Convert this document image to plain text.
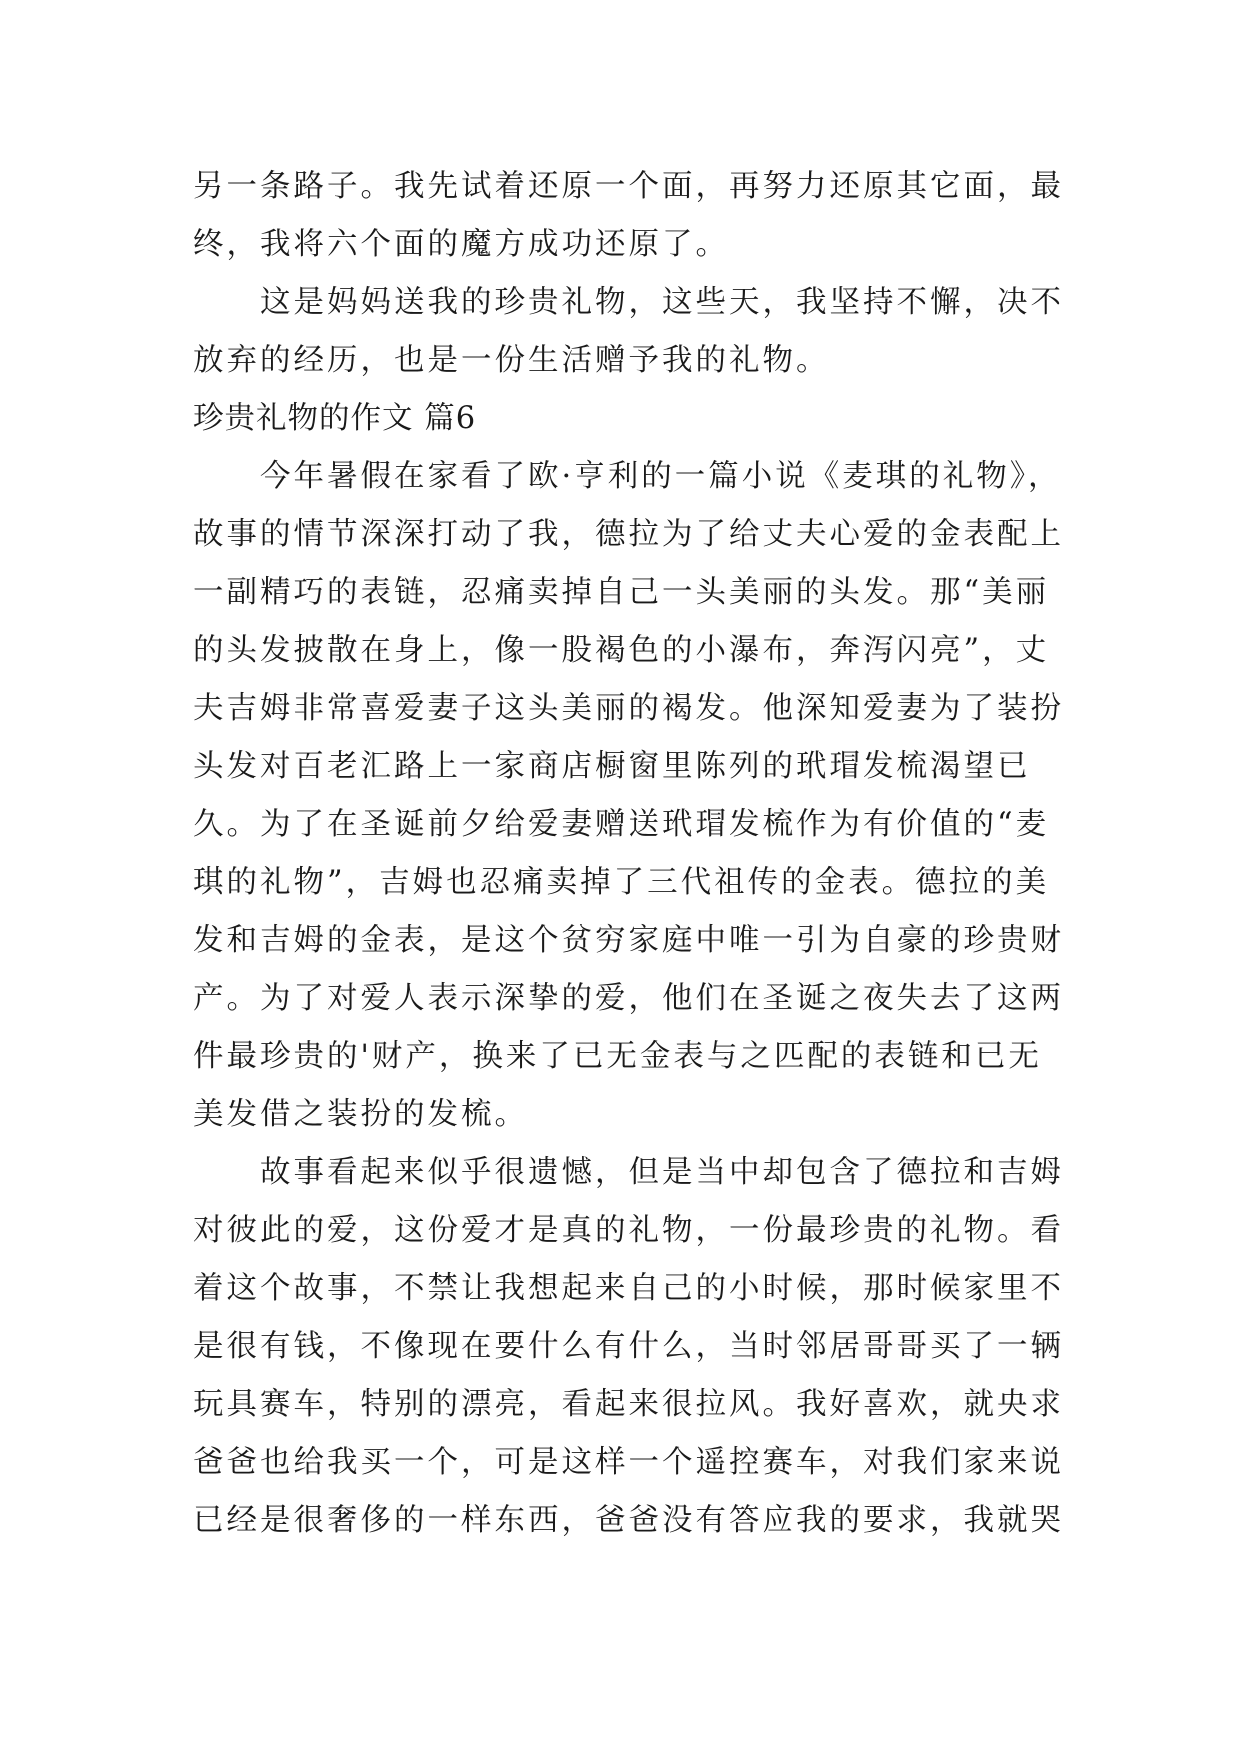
另一条路子。我先试着还原一个面，再努力还原其它面，最
终，我将六个面的魔方成功还原了。
　　这是妈妈送我的珍贵礼物，这些天，我坚持不懈，决不
放弃的经历，也是一份生活赠予我的礼物。
珍贵礼物的作文 篇6
　　今年暑假在家看了欧·亨利的一篇小说《麦琪的礼物》，
故事的情节深深打动了我，德拉为了给丈夫心爱的金表配上
一副精巧的表链，忍痛卖掉自己一头美丽的头发。那“美丽
的头发披散在身上，像一股褐色的小瀑布，奔泻闪亮”，丈
夫吉姆非常喜爱妻子这头美丽的褐发。他深知爱妻为了装扮
头发对百老汇路上一家商店橱窗里陈列的玳瑁发梳渴望已
久。为了在圣诞前夕给爱妻赠送玳瑁发梳作为有价值的“麦
琪的礼物”，吉姆也忍痛卖掉了三代祖传的金表。德拉的美
发和吉姆的金表，是这个贫穷家庭中唯一引为自豪的珍贵财
产。为了对爱人表示深挚的爱，他们在圣诞之夜失去了这两
件最珍贵的'财产，换来了已无金表与之匹配的表链和已无
美发借之装扮的发梳。
　　故事看起来似乎很遗憾，但是当中却包含了德拉和吉姆
对彼此的爱，这份爱才是真的礼物，一份最珍贵的礼物。看
着这个故事，不禁让我想起来自己的小时候，那时候家里不
是很有钱，不像现在要什么有什么，当时邻居哥哥买了一辆
玩具赛车，特别的漂亮，看起来很拉风。我好喜欢，就央求
爸爸也给我买一个，可是这样一个遥控赛车，对我们家来说
已经是很奢侈的一样东西，爸爸没有答应我的要求，我就哭
